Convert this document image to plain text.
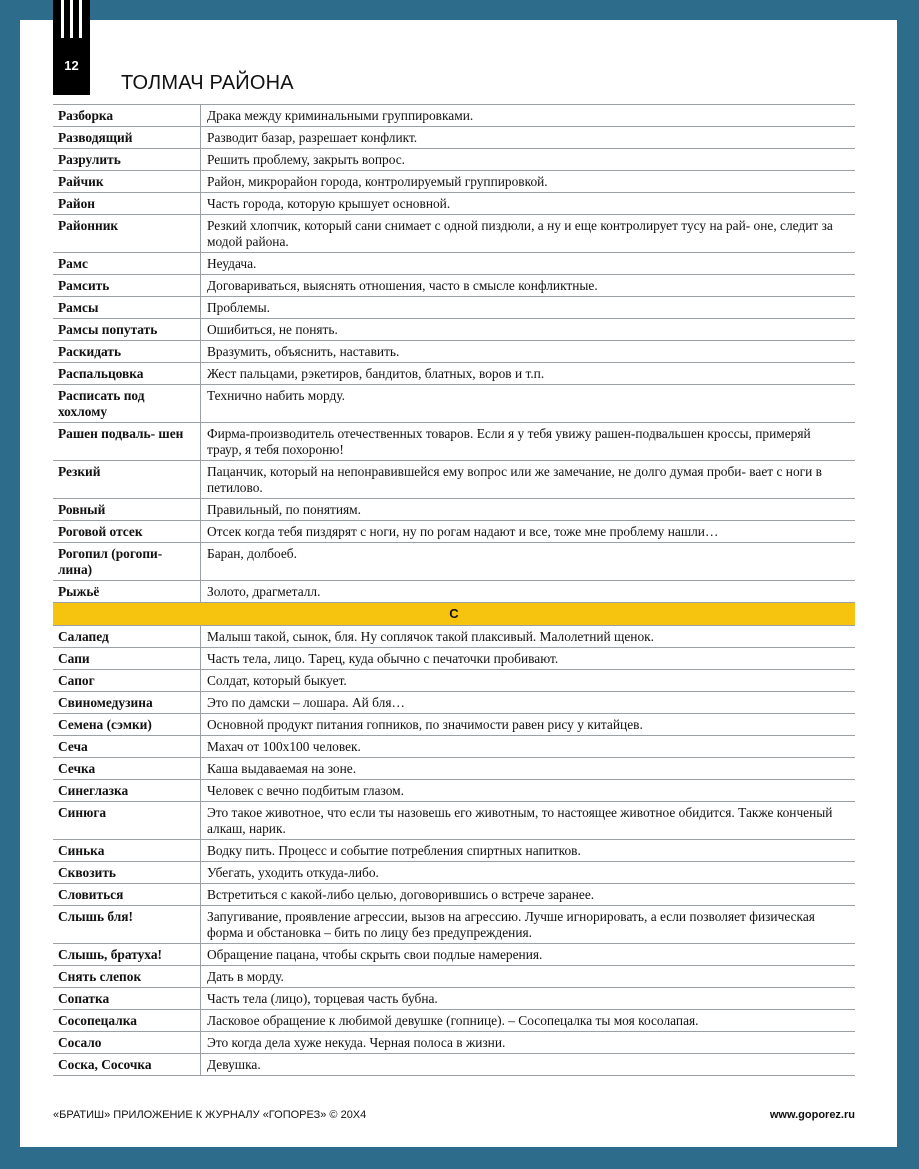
12
ТОЛМАЧ РАЙОНА
Разборка	Драка между криминальными группировками.
Разводящий	Разводит базар, разрешает конфликт.
Разрулить	Решить проблему, закрыть вопрос.
Райчик	Район, микрорайон города, контролируемый группировкой.
Район	Часть города, которую крышует основной.
Районник	Резкий хлопчик, который сани снимает с одной пиздюли, а ну и еще контролирует тусу на рай- оне, следит за модой района.
Рамс	Неудача.
Рамсить	Договариваться, выяснять отношения, часто в смысле конфликтные.
Рамсы	Проблемы.
Рамсы попутать	Ошибиться, не понять.
Раскидать	Вразумить, объяснить, наставить.
Распальцовка	Жест пальцами, рэкетиров, бандитов, блатных, воров и т.п.
Расписать под хохлому	Технично набить морду.
Рашен подваль- шен	Фирма-производитель отечественных товаров. Если я у тебя увижу рашен-подвальшен кроссы, примеряй траур, я тебя похороню!
Резкий	Пацанчик, который на непонравившейся ему вопрос или же замечание, не долго думая проби- вает с ноги в петилово.
Ровный	Правильный, по понятиям.
Роговой отсек	Отсек когда тебя пиздярят с ноги, ну по рогам надают и все, тоже мне проблему нашли…
Рогопил (рогопи- лина)	Баран, долбоеб.
Рыжьё	Золото, драгметалл.
С	
Салапед	Малыш такой, сынок, бля. Ну соплячок такой плаксивый. Малолетний щенок.
Сапи	Часть тела, лицо. Тарец, куда обычно с печаточки пробивают.
Сапог	Солдат, который быкует.
Свиномедузина	Это по дамски – лошара. Ай бля…
Семена (сэмки)	Основной продукт питания гопников, по значимости равен рису у китайцев.
Сеча	Махач от 100х100 человек.
Сечка	Каша выдаваемая на зоне.
Синеглазка	Человек с вечно подбитым глазом.
Синюга	Это такое животное, что если ты назовешь его животным, то настоящее животное обидится. Также конченый алкаш, нарик.
Синька	Водку пить. Процесс и событие потребления спиртных напитков.
Сквозить	Убегать, уходить откуда-либо.
Словиться	Встретиться с какой-либо целью, договорившись о встрече заранее.
Слышь бля!	Запугивание, проявление агрессии, вызов на агрессию. Лучше игнорировать, а если позволяет физическая форма и обстановка – бить по лицу без предупреждения.
Слышь, братуха!	Обращение пацана, чтобы скрыть свои подлые намерения.
Снять слепок	Дать в морду.
Сопатка	Часть тела (лицо), торцевая часть бубна.
Сосопецалка	Ласковое обращение к любимой девушке (гопнице). – Сосопецалка ты моя косолапая.
Сосало	Это когда дела хуже некуда. Черная полоса в жизни.
Соска, Сосочка	Девушка.
«БРАТИШ» ПРИЛОЖЕНИЕ К ЖУРНАЛУ «ГОПОРЕЗ» © 20Х4	www.goporez.ru
